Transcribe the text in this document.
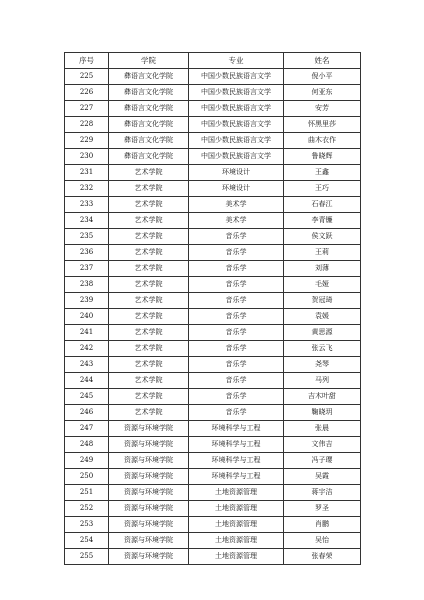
序号	学院	专业	姓名
225	彝语言文化学院	中国少数民族语言文学	倪小平
226	彝语言文化学院	中国少数民族语言文学	何亚东
227	彝语言文化学院	中国少数民族语言文学	安芳
228	彝语言文化学院	中国少数民族语言文学	怀黑里莎
229	彝语言文化学院	中国少数民族语言文学	曲木衣作
230	彝语言文化学院	中国少数民族语言文学	鲁晓辉
231	艺术学院	环境设计	王鑫
232	艺术学院	环境设计	王巧
233	艺术学院	美术学	石春江
234	艺术学院	美术学	李青镰
235	艺术学院	音乐学	侯文跃
236	艺术学院	音乐学	王莉
237	艺术学院	音乐学	刘薄
238	艺术学院	音乐学	毛娅
239	艺术学院	音乐学	贺冠琦
240	艺术学院	音乐学	袁媛
241	艺术学院	音乐学	黄思源
242	艺术学院	音乐学	张云飞
243	艺术学院	音乐学	尧琴
244	艺术学院	音乐学	马列
245	艺术学院	音乐学	吉木叶甜
246	艺术学院	音乐学	鞠晓玥
247	资源与环境学院	环境科学与工程	张晨
248	资源与环境学院	环境科学与工程	文伟吉
249	资源与环境学院	环境科学与工程	冯子璎
250	资源与环境学院	环境科学与工程	吴霞
251	资源与环境学院	土地资源管理	蒋宇洁
252	资源与环境学院	土地资源管理	罗圣
253	资源与环境学院	土地资源管理	肖鹏
254	资源与环境学院	土地资源管理	吴怡
255	资源与环境学院	土地资源管理	张春荣
